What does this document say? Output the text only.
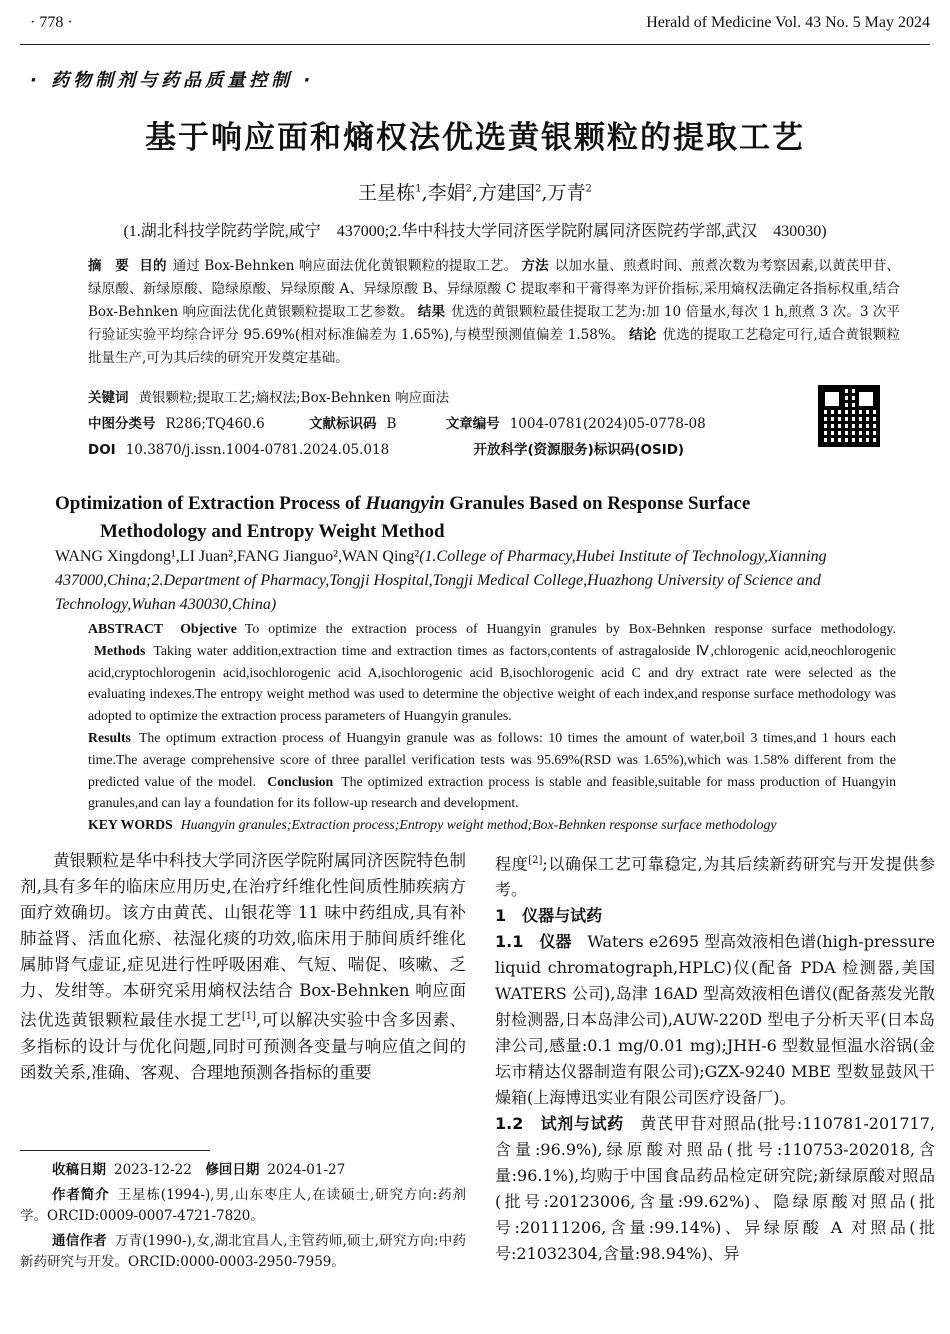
· 778 ·	Herald of Medicine Vol. 43 No. 5 May 2024
· 药物制剂与药品质量控制 ·
基于响应面和熵权法优选黄银颗粒的提取工艺
王星栋$^1$,李娟$^2$,方建国$^2$,万青$^2$
(1.湖北科技学院药学院,咸宁　437000;2.华中科技大学同济医学院附属同济医院药学部,武汉　430030)
摘　要 目的 通过 Box-Behnken 响应面法优化黄银颗粒的提取工艺。 方法 以加水量、煎煮时间、煎煮次数为考察因素,以黄芪甲苷、绿原酸、新绿原酸、隐绿原酸、异绿原酸 A、异绿原酸 B、异绿原酸 C 提取率和干膏得率为评价指标,采用熵权法确定各指标权重,结合 Box-Behnken 响应面法优化黄银颗粒提取工艺参数。 结果 优选的黄银颗粒最佳提取工艺为:加 10 倍量水,每次 1 h,煎煮 3 次。3 次平行验证实验平均综合评分 95.69%(相对标准偏差为 1.65%),与模型预测值偏差 1.58%。 结论 优选的提取工艺稳定可行,适合黄银颗粒批量生产,可为其后续的研究开发奠定基础。
关键词 黄银颗粒;提取工艺;熵权法;Box-Behnken 响应面法
中图分类号 R286;TQ460.6	文献标识码 B	文章编号 1004-0781(2024)05-0778-08
DOI 10.3870/j.issn.1004-0781.2024.05.018	开放科学(资源服务)标识码(OSID)
Optimization of Extraction Process of Huangyin Granules Based on Response Surface
Methodology and Entropy Weight Method
WANG Xingdong¹,LI Juan²,FANG Jianguo²,WAN Qing²(1.College of Pharmacy,Hubei Institute of Technology,Xianning 437000,China;2.Department of Pharmacy,Tongji Hospital,Tongji Medical College,Huazhong University of Science and Technology,Wuhan 430030,China)
ABSTRACT Objective To optimize the extraction process of Huangyin granules by Box-Behnken response surface methodology. Methods Taking water addition,extraction time and extraction times as factors,contents of astragaloside Ⅳ,chlorogenic acid,neochlorogenic acid,cryptochlorogenin acid,isochlorogenic acid A,isochlorogenic acid B,isochlorogenic acid C and dry extract rate were selected as the evaluating indexes.The entropy weight method was used to determine the objective weight of each index,and response surface methodology was adopted to optimize the extraction process parameters of Huangyin granules.
Results The optimum extraction process of Huangyin granule was as follows: 10 times the amount of water,boil 3 times,and 1 hours each time.The average comprehensive score of three parallel verification tests was 95.69%(RSD was 1.65%),which was 1.58% different from the predicted value of the model. Conclusion The optimized extraction process is stable and feasible,suitable for mass production of Huangyin granules,and can lay a foundation for its follow-up research and development.
KEY WORDS Huangyin granules;Extraction process;Entropy weight method;Box-Behnken response surface methodology

黄银颗粒是华中科技大学同济医学院附属同济医院特色制剂,具有多年的临床应用历史,在治疗纤维化性间质性肺疾病方面疗效确切。该方由黄芪、山银花等 11 味中药组成,具有补肺益肾、活血化瘀、祛湿化痰的功效,临床用于肺间质纤维化属肺肾气虚证,症见进行性呼吸困难、气短、喘促、咳嗽、乏力、发绀等。本研究采用熵权法结合 Box-Behnken 响应面法优选黄银颗粒最佳水提工艺[1],可以解决实验中含多因素、多指标的设计与优化问题,同时可预测各变量与响应值之间的函数关系,准确、客观、合理地预测各指标的重要

程度[2];以确保工艺可靠稳定,为其后续新药研究与开发提供参考。

1　仪器与试药

1.1　仪器　 Waters e2695 型高效液相色谱(high-pressure liquid chromatograph,HPLC)仪(配备 PDA 检测器,美国 WATERS 公司),岛津 16AD 型高效液相色谱仪(配备蒸发光散射检测器,日本岛津公司),AUW-220D 型电子分析天平(日本岛津公司,感量:0.1 mg/0.01 mg);JHH-6 型数显恒温水浴锅(金坛市精达仪器制造有限公司);GZX-9240 MBE 型数显鼓风干燥箱(上海博迅实业有限公司医疗设备厂)。

1.2　试剂与试药　 黄芪甲苷对照品(批号:110781-201717,含量:96.9%),绿原酸对照品(批号:110753-202018,含量:96.1%),均购于中国食品药品检定研究院;新绿原酸对照品(批号:20123006,含量:99.62%)、隐绿原酸对照品(批号:20111206,含量:99.14%)、异绿原酸 A 对照品(批号:21032304,含量:98.94%)、异

收稿日期 2023-12-22　 修回日期 2024-01-27

作者简介 王星栋(1994-),男,山东枣庄人,在读硕士,研究方向:药剂学。ORCID:0009-0007-4721-7820。

通信作者 万青(1990-),女,湖北宜昌人,主管药师,硕士,研究方向:中药新药研究与开发。ORCID:0000-0003-2950-7959。
